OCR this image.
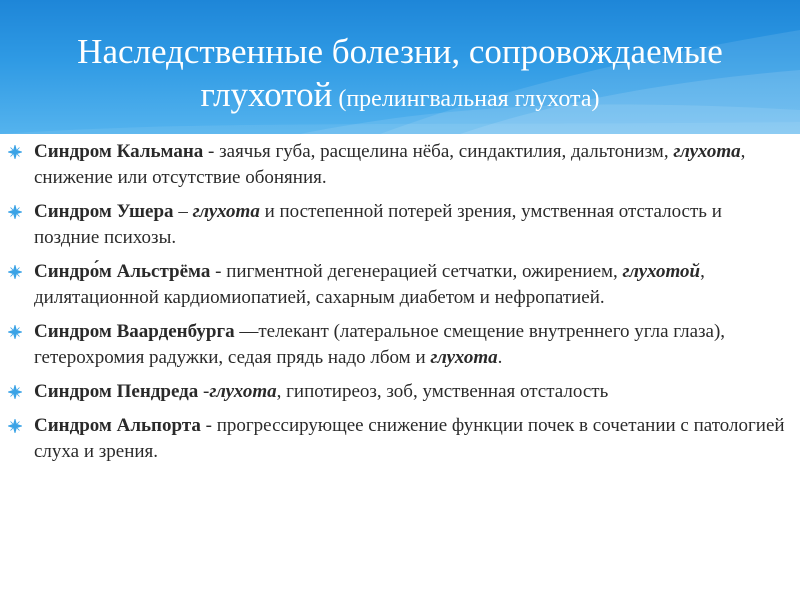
Наследственные болезни, сопровождаемые
глухотой (прелингвальная глухота)
Синдром Кальмана - заячья губа, расщелина нёба, синдактилия, дальтонизм, глухота, снижение или отсутствие обоняния.
Синдром Ушера – глухота и постепенной потерей зрения, умственная отсталость и поздние психозы.
Синдро́м Альстрёма - пигментной дегенерацией сетчатки, ожирением, глухотой, дилятационной кардиомиопатией, сахарным диабетом и нефропатией.
Синдром Ваарденбурга —телекант (латеральное смещение внутреннего угла глаза), гетерохромия радужки, седая прядь надо лбом и глухота.
Синдром Пендреда -глухота, гипотиреоз, зоб, умственная отсталость
Синдром Альпорта - прогрессирующее снижение функции почек в сочетании с патологией слуха и зрения.
